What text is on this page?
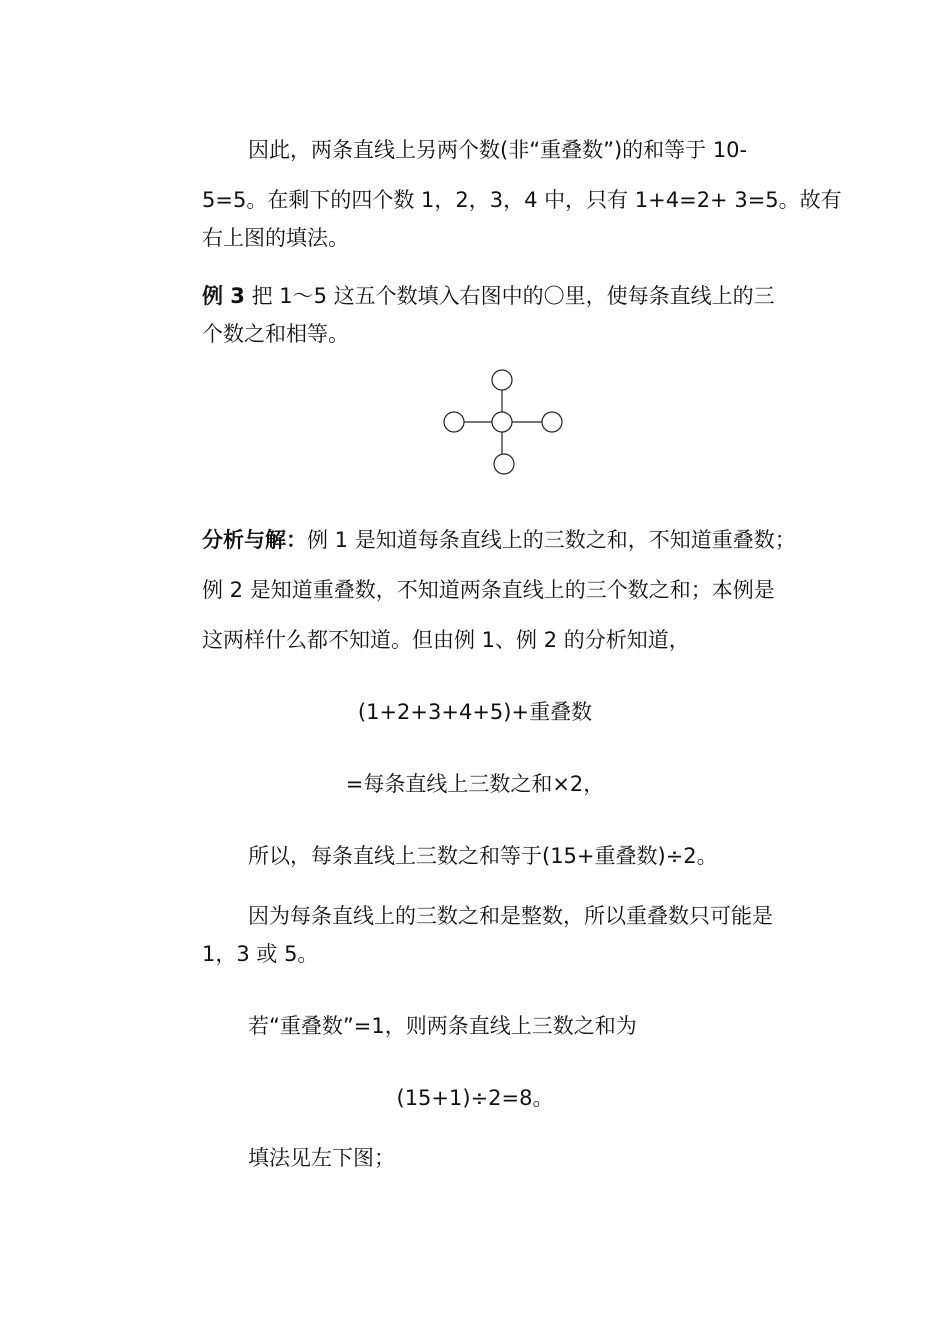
因此，两条直线上另两个数(非“重叠数”)的和等于 10-
5=5。在剩下的四个数 1，2，3，4 中，只有 1+4=2+ 3=5。故有
右上图的填法。
例 3 把 1～5 这五个数填入右图中的〇里，使每条直线上的三
个数之和相等。
分析与解：例 1 是知道每条直线上的三数之和，不知道重叠数；
例 2 是知道重叠数，不知道两条直线上的三个数之和；本例是
这两样什么都不知道。但由例 1、例 2 的分析知道，
(1+2+3+4+5)+重叠数
=每条直线上三数之和×2，
所以，每条直线上三数之和等于(15+重叠数)÷2。
因为每条直线上的三数之和是整数，所以重叠数只可能是
1，3 或 5。
若“重叠数”=1，则两条直线上三数之和为
(15+1)÷2=8。
填法见左下图；
